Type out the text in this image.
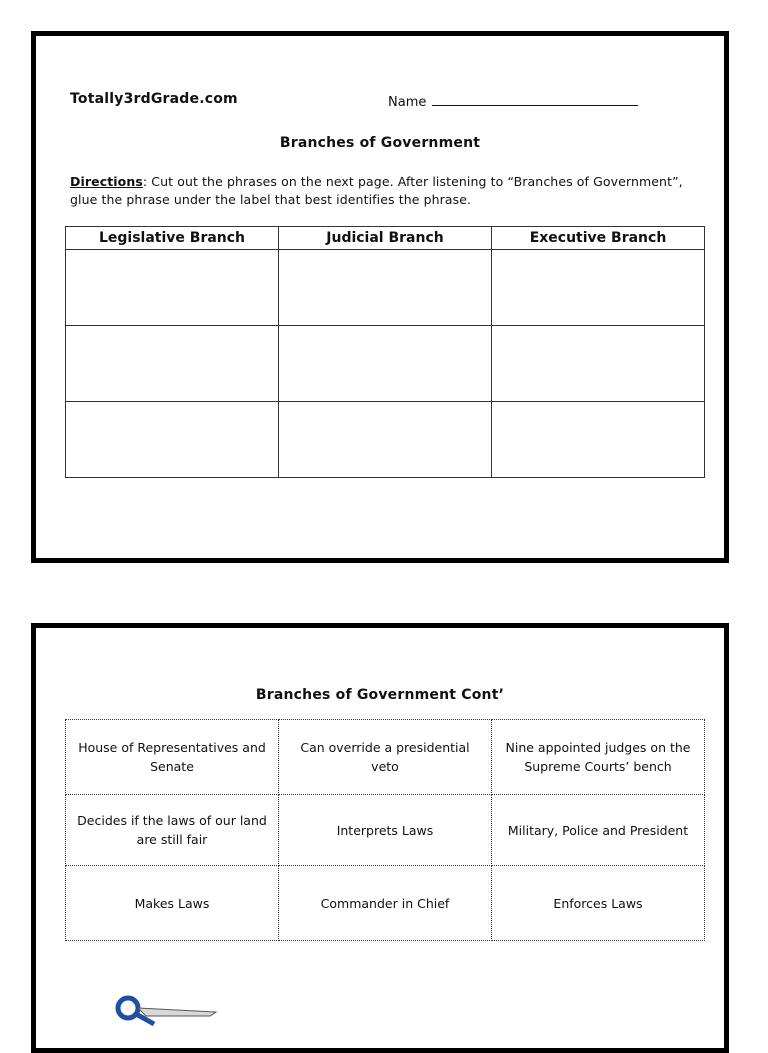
Totally3rdGrade.com	Name
Branches of Government
Directions: Cut out the phrases on the next page. After listening to “Branches of Government”, glue the phrase under the label that best identifies the phrase.
Legislative Branch	Judicial Branch	Executive Branch

Branches of Government Cont’
House of Representatives and Senate	Can override a presidential veto	Nine appointed judges on the Supreme Courts’ bench
Decides if the laws of our land are still fair	Interprets Laws	Military, Police and President
Makes Laws	Commander in Chief	Enforces Laws
